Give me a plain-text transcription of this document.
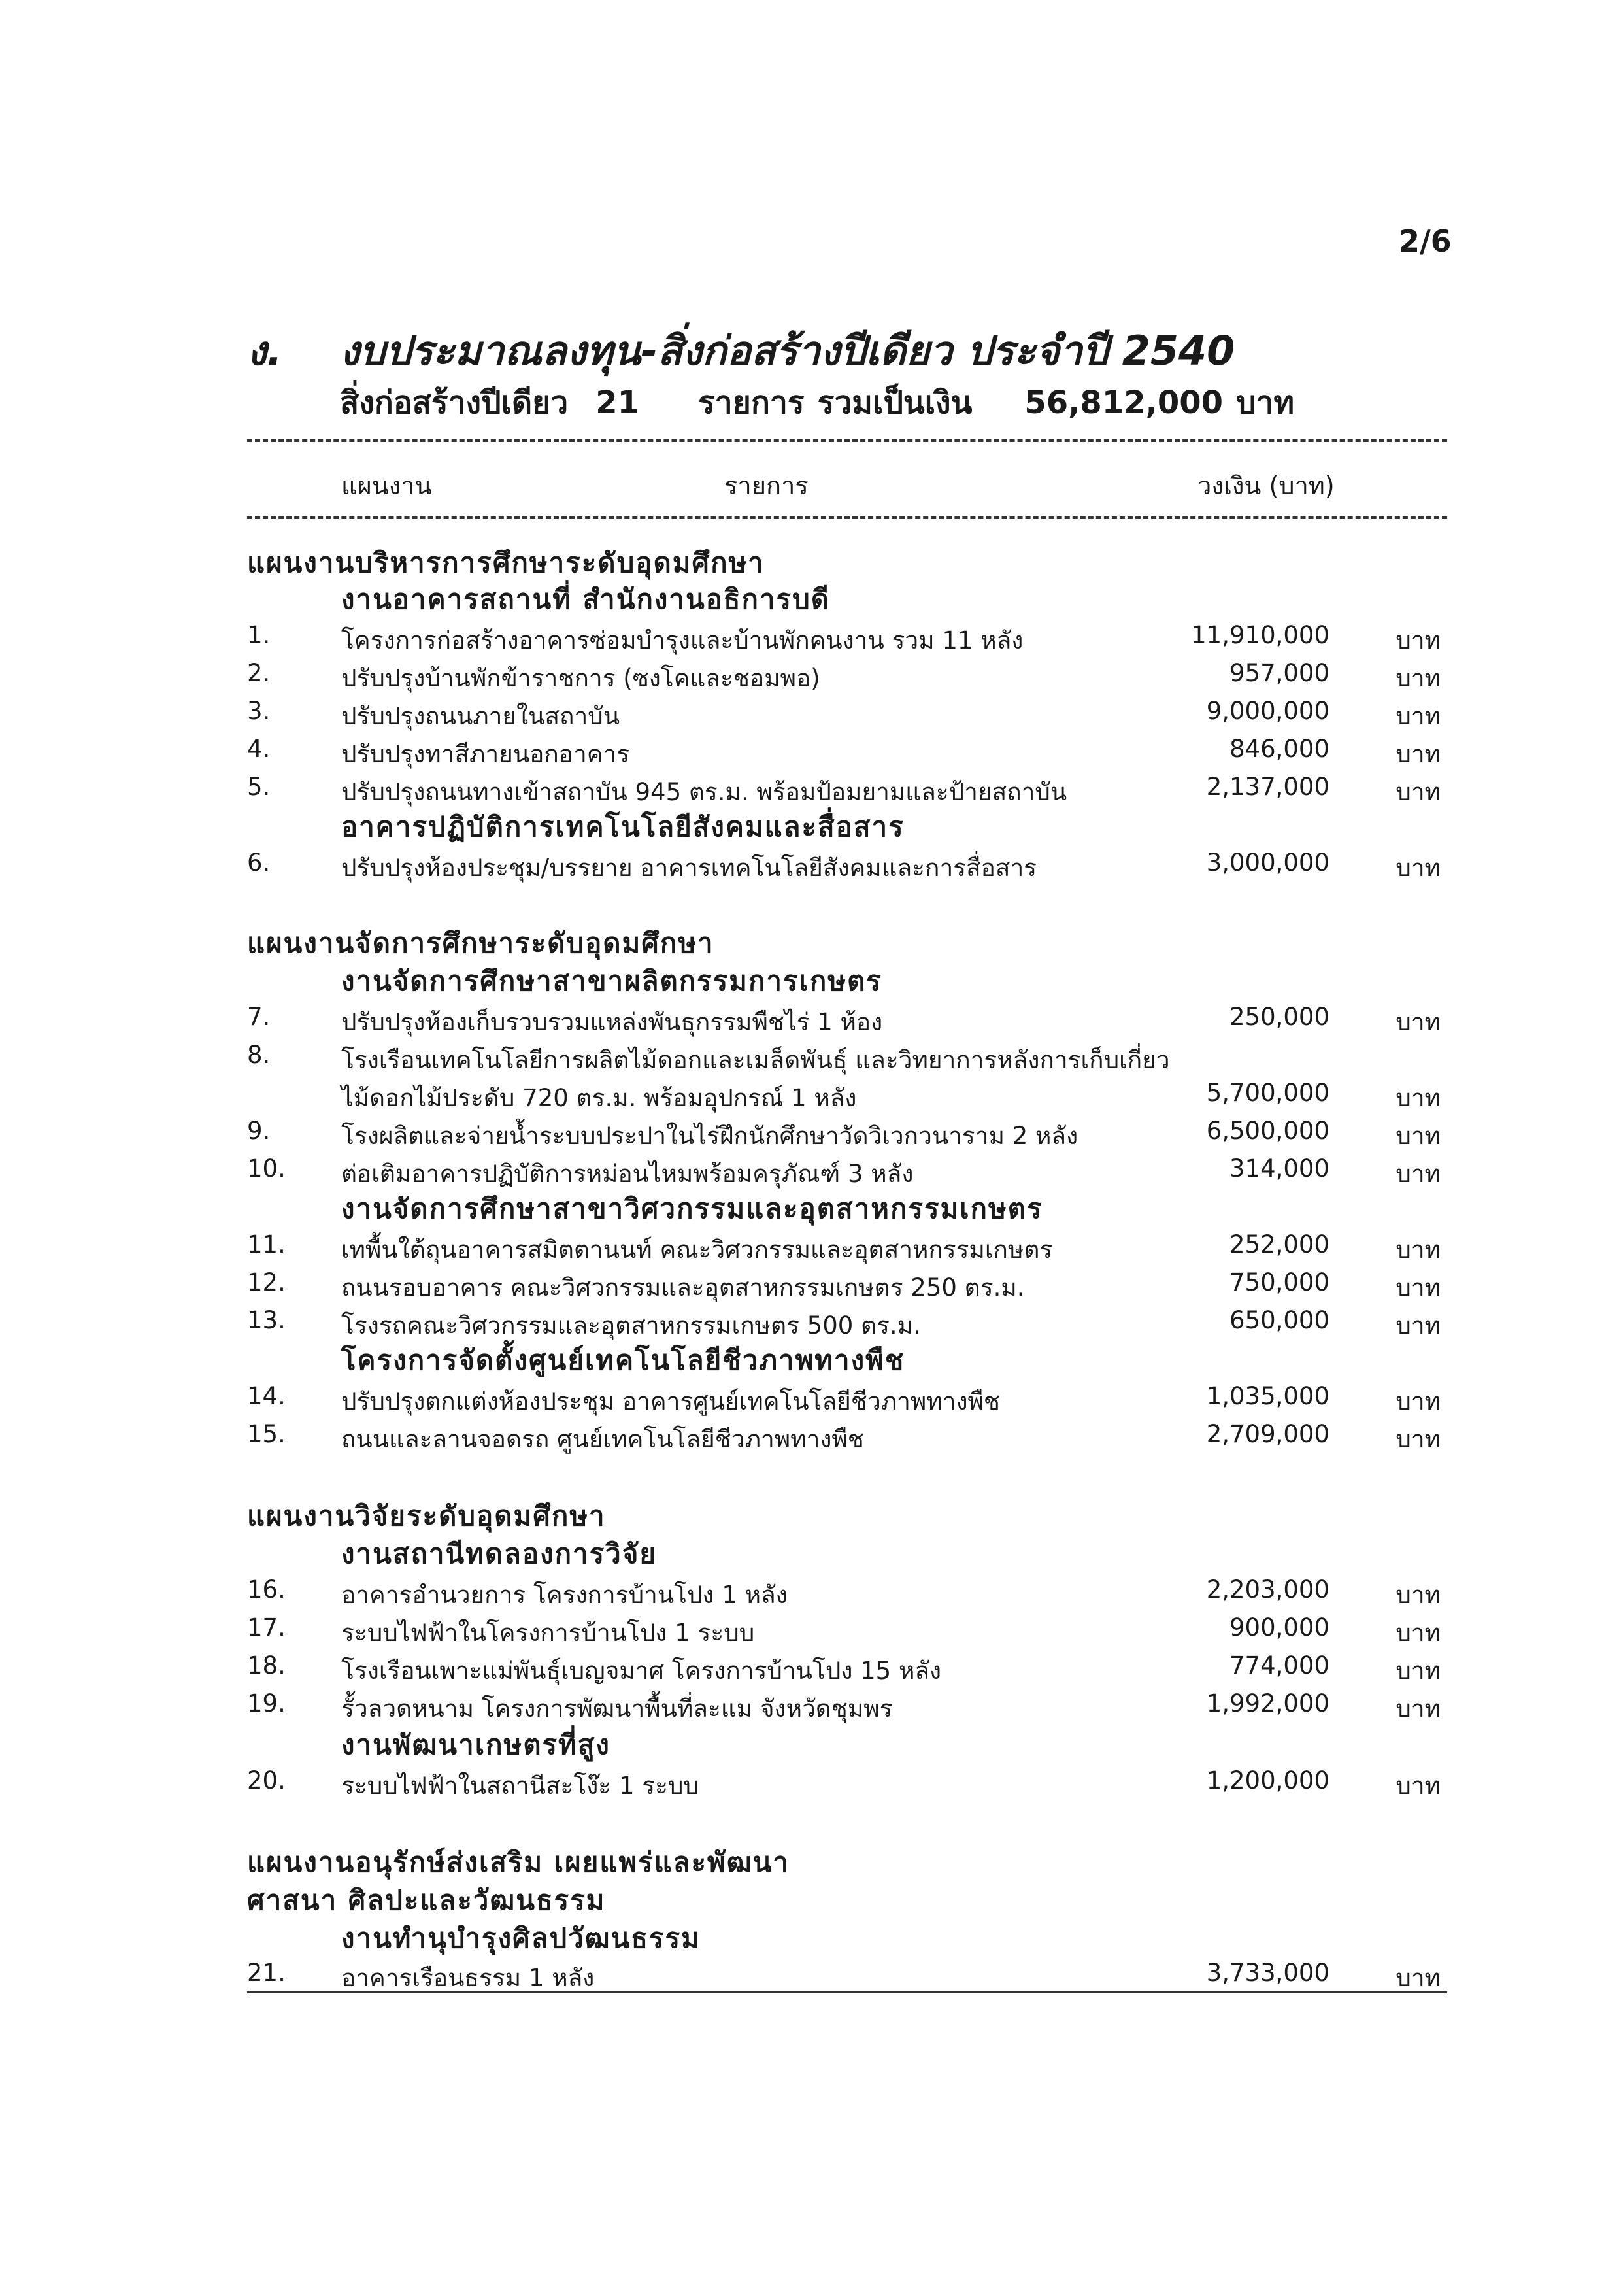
2/6
ง. งบประมาณลงทุน-สิ่งก่อสร้างปีเดียว ประจำปี 2540
สิ่งก่อสร้างปีเดียว 21 รายการ รวมเป็นเงิน 56,812,000 บาท
แผนงาน	รายการ	วงเงิน (บาท)
แผนงานบริหารการศึกษาระดับอุดมศึกษา
งานอาคารสถานที่ สำนักงานอธิการบดี
1.	โครงการก่อสร้างอาคารซ่อมบำรุงและบ้านพักคนงาน รวม 11 หลัง	11,910,000	บาท
2.	ปรับปรุงบ้านพักข้าราชการ (ซงโคและชอมพอ)	957,000	บาท
3.	ปรับปรุงถนนภายในสถาบัน	9,000,000	บาท
4.	ปรับปรุงทาสีภายนอกอาคาร	846,000	บาท
5.	ปรับปรุงถนนทางเข้าสถาบัน 945 ตร.ม. พร้อมป้อมยามและป้ายสถาบัน	2,137,000	บาท
อาคารปฏิบัติการเทคโนโลยีสังคมและสื่อสาร
6.	ปรับปรุงห้องประชุม/บรรยาย อาคารเทคโนโลยีสังคมและการสื่อสาร	3,000,000	บาท
แผนงานจัดการศึกษาระดับอุดมศึกษา
งานจัดการศึกษาสาขาผลิตกรรมการเกษตร
7.	ปรับปรุงห้องเก็บรวบรวมแหล่งพันธุกรรมพืชไร่ 1 ห้อง	250,000	บาท
8.	โรงเรือนเทคโนโลยีการผลิตไม้ดอกและเมล็ดพันธุ์ และวิทยาการหลังการเก็บเกี่ยว
ไม้ดอกไม้ประดับ 720 ตร.ม. พร้อมอุปกรณ์ 1 หลัง	5,700,000	บาท
9.	โรงผลิตและจ่ายน้ำระบบประปาในไร่ฝึกนักศึกษาวัดวิเวกวนาราม 2 หลัง	6,500,000	บาท
10. ต่อเติมอาคารปฏิบัติการหม่อนไหมพร้อมครุภัณฑ์ 3 หลัง	314,000	บาท
งานจัดการศึกษาสาขาวิศวกรรมและอุตสาหกรรมเกษตร
11. เทพื้นใต้ถุนอาคารสมิตตานนท์ คณะวิศวกรรมและอุตสาหกรรมเกษตร	252,000	บาท
12. ถนนรอบอาคาร คณะวิศวกรรมและอุตสาหกรรมเกษตร 250 ตร.ม.	750,000	บาท
13. โรงรถคณะวิศวกรรมและอุตสาหกรรมเกษตร 500 ตร.ม.	650,000	บาท
โครงการจัดตั้งศูนย์เทคโนโลยีชีวภาพทางพืช
14. ปรับปรุงตกแต่งห้องประชุม อาคารศูนย์เทคโนโลยีชีวภาพทางพืช	1,035,000	บาท
15. ถนนและลานจอดรถ ศูนย์เทคโนโลยีชีวภาพทางพืช	2,709,000	บาท
แผนงานวิจัยระดับอุดมศึกษา
งานสถานีทดลองการวิจัย
16. อาคารอำนวยการ โครงการบ้านโปง 1 หลัง	2,203,000	บาท
17. ระบบไฟฟ้าในโครงการบ้านโปง 1 ระบบ	900,000	บาท
18. โรงเรือนเพาะแม่พันธุ์เบญจมาศ โครงการบ้านโปง 15 หลัง	774,000	บาท
19. รั้วลวดหนาม โครงการพัฒนาพื้นที่ละแม จังหวัดชุมพร	1,992,000	บาท
งานพัฒนาเกษตรที่สูง
20. ระบบไฟฟ้าในสถานีสะโง๊ะ 1 ระบบ	1,200,000	บาท
แผนงานอนุรักษ์ส่งเสริม เผยแพร่และพัฒนา
ศาสนา ศิลปะและวัฒนธรรม
งานทำนุบำรุงศิลปวัฒนธรรม
21. อาคารเรือนธรรม 1 หลัง	3,733,000	บาท
